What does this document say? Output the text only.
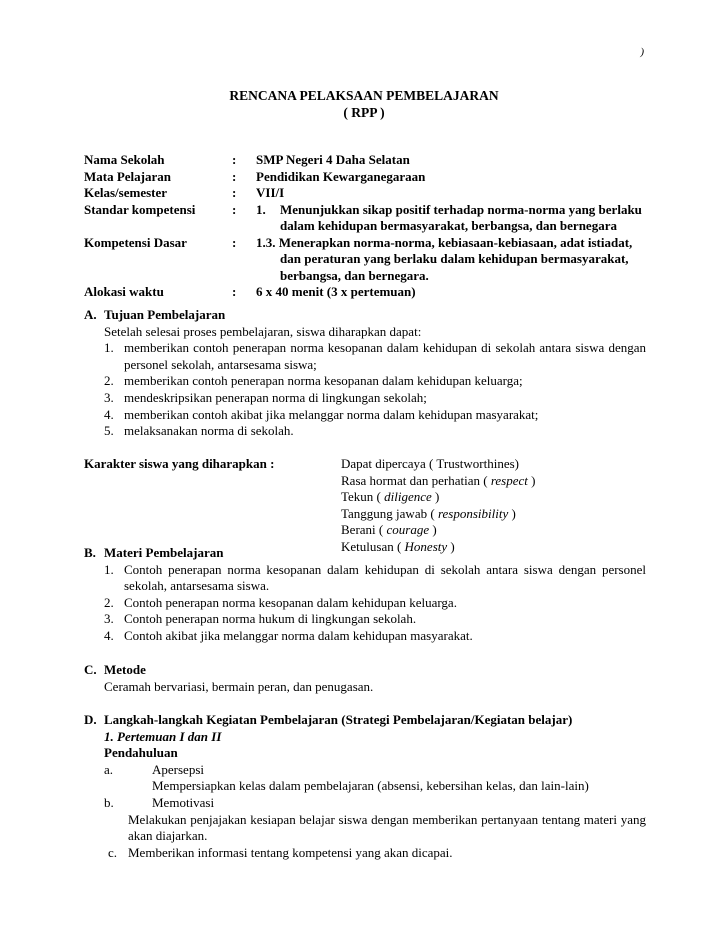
)
RENCANA PELAKSAAN PEMBELAJARAN
( RPP )
Nama Sekolah	:	SMP Negeri 4 Daha Selatan
Mata Pelajaran	:	Pendidikan Kewarganegaraan
Kelas/semester	:	VII/I
Standar kompetensi	:	1. Menunjukkan sikap positif terhadap norma-norma yang berlaku
dalam kehidupan bermasyarakat, berbangsa, dan bernegara
Kompetensi Dasar	:	1.3. Menerapkan norma-norma, kebiasaan-kebiasaan, adat istiadat,
dan peraturan yang berlaku dalam kehidupan bermasyarakat,
berbangsa, dan bernegara.
Alokasi waktu	:	6 x 40 menit (3 x pertemuan)
A. Tujuan Pembelajaran
Setelah selesai proses pembelajaran, siswa diharapkan dapat:
1. memberikan contoh penerapan norma kesopanan dalam kehidupan di sekolah antara siswa dengan personel sekolah, antarsesama siswa;
2. memberikan contoh penerapan norma kesopanan dalam kehidupan keluarga;
3. mendeskripsikan penerapan norma di lingkungan sekolah;
4. memberikan contoh akibat jika melanggar norma dalam kehidupan masyarakat;
5. melaksanakan norma di sekolah.
Karakter siswa yang diharapkan :	Dapat dipercaya ( Trustworthines)
Rasa hormat dan perhatian ( respect )
Tekun ( diligence )
Tanggung jawab ( responsibility )
Berani ( courage )
Ketulusan ( Honesty )
B. Materi Pembelajaran
1. Contoh penerapan norma kesopanan dalam kehidupan di sekolah antara siswa dengan personel sekolah, antarsesama siswa.
2. Contoh penerapan norma kesopanan dalam kehidupan keluarga.
3. Contoh penerapan norma hukum di lingkungan sekolah.
4. Contoh akibat jika melanggar norma dalam kehidupan masyarakat.
C. Metode
Ceramah bervariasi, bermain peran, dan penugasan.
D. Langkah-langkah Kegiatan Pembelajaran (Strategi Pembelajaran/Kegiatan belajar)
1. Pertemuan I dan II
Pendahuluan
a.	Apersepsi
Mempersiapkan kelas dalam pembelajaran (absensi, kebersihan kelas, dan lain-lain)
b.	Memotivasi
Melakukan penjajakan kesiapan belajar siswa dengan memberikan pertanyaan tentang materi yang akan diajarkan.
c. Memberikan informasi tentang kompetensi yang akan dicapai.
